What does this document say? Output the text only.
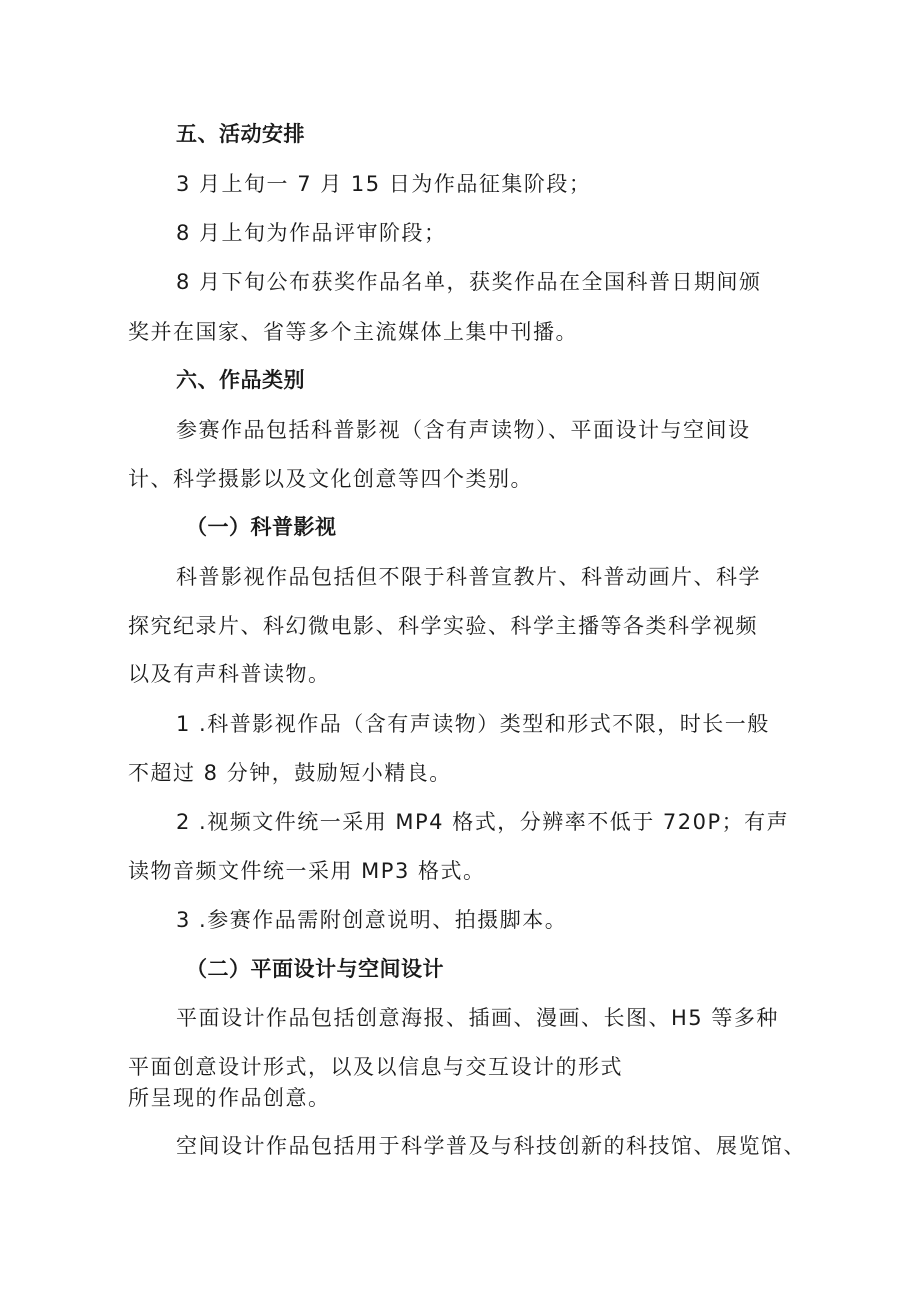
五、活动安排
3 月上旬一 7 月 15 日为作品征集阶段；
8 月上旬为作品评审阶段；
8 月下旬公布获奖作品名单，获奖作品在全国科普日期间颁
奖并在国家、省等多个主流媒体上集中刊播。
六、作品类别
参赛作品包括科普影视（含有声读物）、平面设计与空间设
计、科学摄影以及文化创意等四个类别。
（一）科普影视
科普影视作品包括但不限于科普宣教片、科普动画片、科学
探究纪录片、科幻微电影、科学实验、科学主播等各类科学视频
以及有声科普读物。
1 .科普影视作品（含有声读物）类型和形式不限，时长一般
不超过 8 分钟，鼓励短小精良。
2 .视频文件统一采用 MP4 格式，分辨率不低于 720P；有声
读物音频文件统一采用 MP3 格式。
3 .参赛作品需附创意说明、拍摄脚本。
（二）平面设计与空间设计
平面设计作品包括创意海报、插画、漫画、长图、H5 等多种
平面创意设计形式，以及以信息与交互设计的形式
所呈现的作品创意。
空间设计作品包括用于科学普及与科技创新的科技馆、展览馆、
